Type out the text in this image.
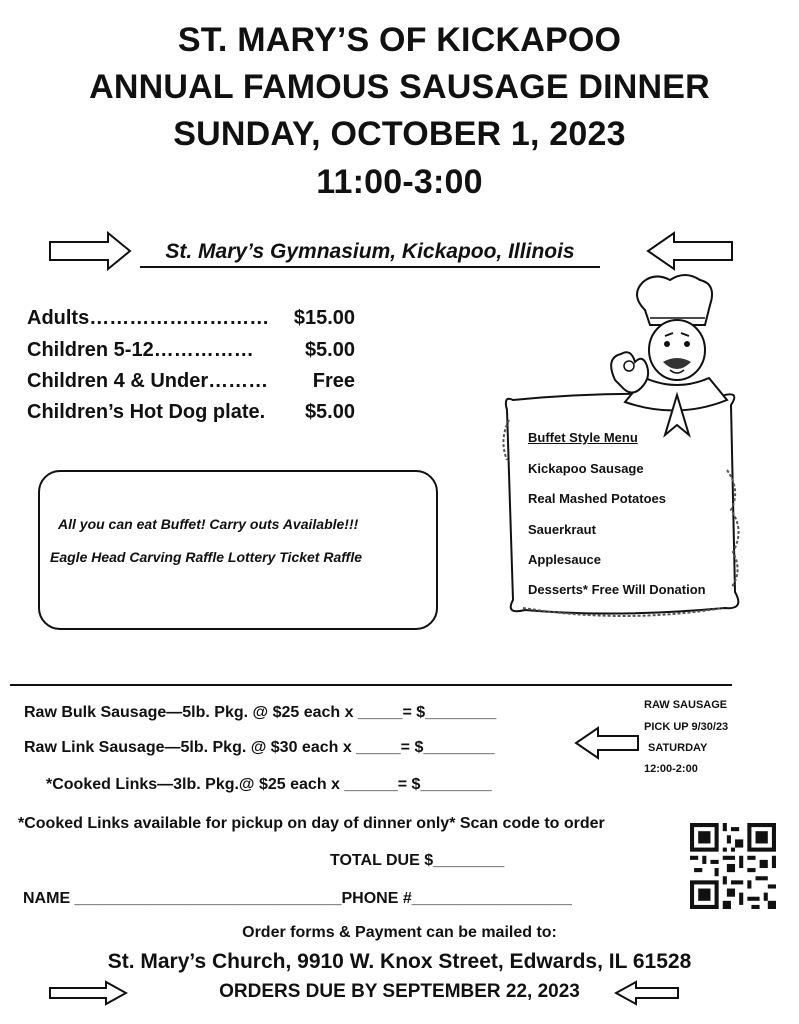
ST. MARY’S OF KICKAPOO
ANNUAL FAMOUS SAUSAGE DINNER
SUNDAY, OCTOBER 1, 2023
11:00-3:00
St. Mary’s Gymnasium, Kickapoo, Illinois
Adults………………………	$15.00
Children 5-12……………	$5.00
Children 4 & Under………	Free
Children’s Hot Dog plate.	$5.00
All you can eat Buffet! Carry outs Available!!!
Eagle Head Carving Raffle Lottery Ticket Raffle
Buffet Style Menu
Kickapoo Sausage
Real Mashed Potatoes
Sauerkraut
Applesauce
Desserts* Free Will Donation
Raw Bulk Sausage—5lb. Pkg. @ $25 each x _____= $________
Raw Link Sausage—5lb. Pkg. @ $30 each x _____= $________
*Cooked Links—3lb. Pkg.@ $25 each x ______= $________
RAW SAUSAGE
PICK UP 9/30/23
SATURDAY
12:00-2:00
*Cooked Links available for pickup on day of dinner only* Scan code to order
TOTAL DUE $________
NAME ______________________________PHONE #__________________
Order forms & Payment can be mailed to:
St. Mary’s Church, 9910 W. Knox Street, Edwards, IL 61528
ORDERS DUE BY SEPTEMBER 22, 2023
